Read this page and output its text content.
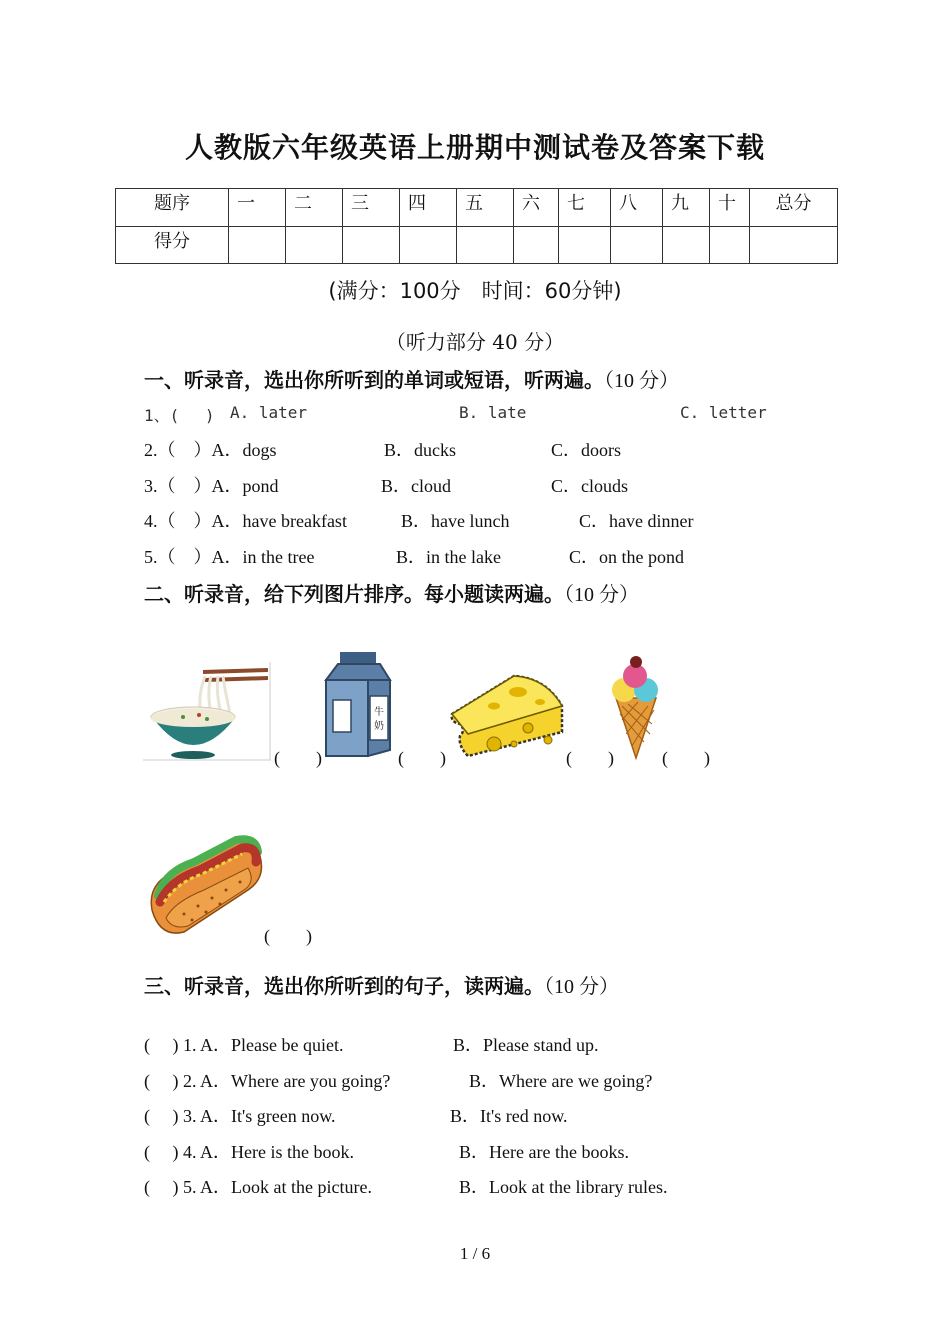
人教版六年级英语上册期中测试卷及答案下载
题序	一	二	三	四	五	六	七	八	九	十	总分
得分											
(满分：100分　时间：60分钟)
（听力部分 40 分）
一、听录音，选出你所听到的单词或短语，听两遍。（10 分）
1、(　 ) A. later	B. late	C. letter
2.（　）A．dogs	B．ducks	C．doors
3.（　）A．pond	B．cloud	C．clouds
4.（　）A．have breakfast	B．have lunch	C．have dinner
5.（　）A．in the tree	B．in the lake	C．on the pond
二、听录音，给下列图片排序。每小题读两遍。（10 分）
(　　)
牛
奶
(　　)	(　　)	(　　)
(　　)
三、听录音，选出你所听到的句子，读两遍。（10 分）
(　 ) 1. A．Please be quiet.	B．Please stand up.
(　 ) 2. A．Where are you going?	B．Where are we going?
(　 ) 3. A．It's green now.	B．It's red now.
(　 ) 4. A．Here is the book.	B．Here are the books.
(　 ) 5. A．Look at the picture.	B．Look at the library rules.
1 / 6
